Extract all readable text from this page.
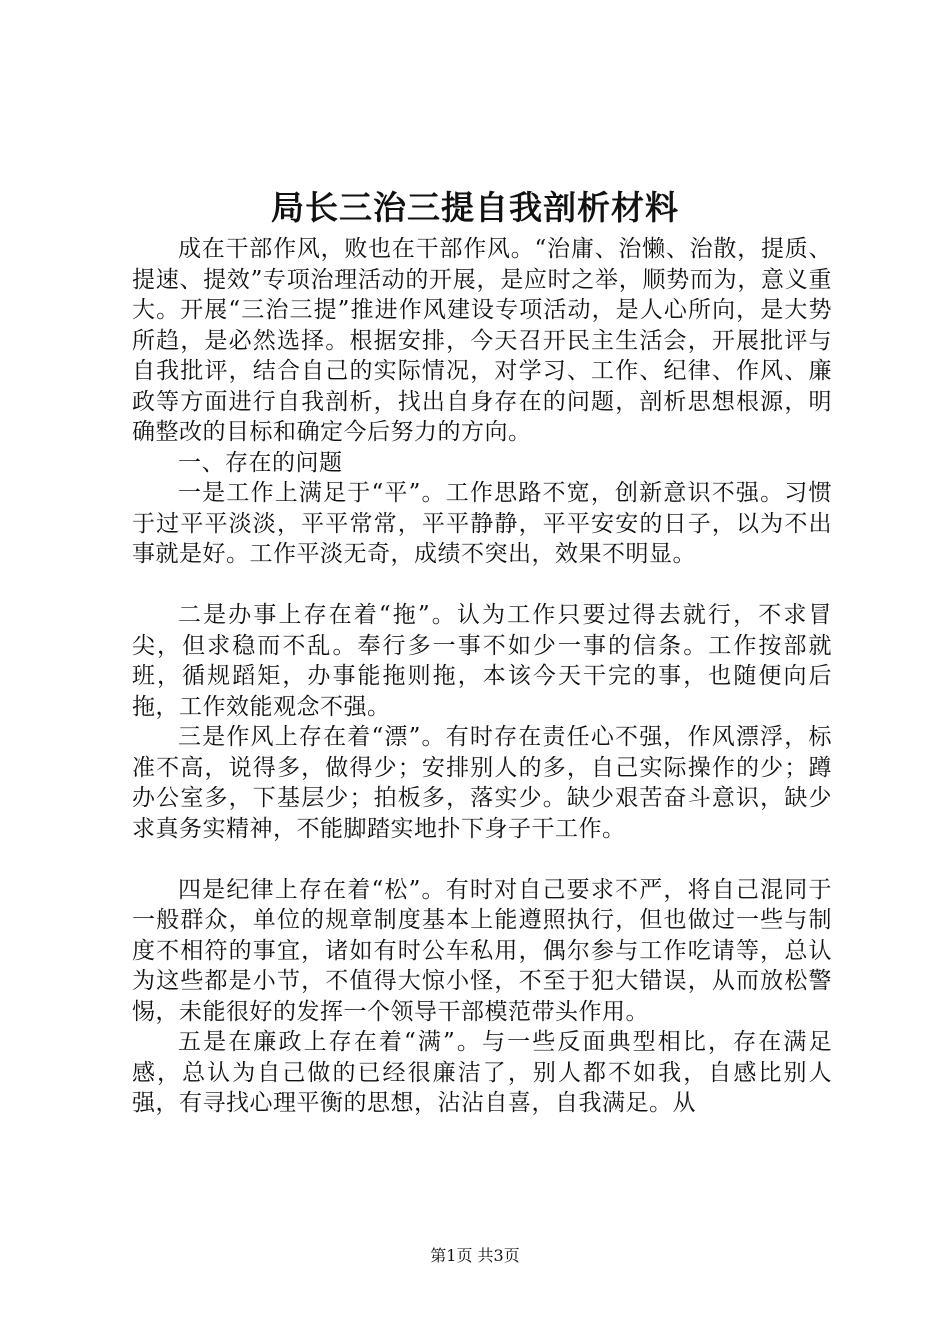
局长三治三提自我剖析材料

成在干部作风，败也在干部作风。“治庸、治懒、治散，提质、提速、提效”专项治理活动的开展，是应时之举，顺势而为，意义重大。开展“三治三提”推进作风建设专项活动，是人心所向，是大势所趋，是必然选择。根据安排，今天召开民主生活会，开展批评与自我批评，结合自己的实际情况，对学习、工作、纪律、作风、廉政等方面进行自我剖析，找出自身存在的问题，剖析思想根源，明确整改的目标和确定今后努力的方向。

一、存在的问题

一是工作上满足于“平”。工作思路不宽，创新意识不强。习惯于过平平淡淡，平平常常，平平静静，平平安安的日子，以为不出事就是好。工作平淡无奇，成绩不突出，效果不明显。

二是办事上存在着“拖”。认为工作只要过得去就行，不求冒尖，但求稳而不乱。奉行多一事不如少一事的信条。工作按部就班，循规蹈矩，办事能拖则拖，本该今天干完的事，也随便向后拖，工作效能观念不强。

三是作风上存在着“漂”。有时存在责任心不强，作风漂浮，标准不高，说得多，做得少；安排别人的多，自己实际操作的少；蹲办公室多，下基层少；拍板多，落实少。缺少艰苦奋斗意识，缺少求真务实精神，不能脚踏实地扑下身子干工作。

四是纪律上存在着“松”。有时对自己要求不严，将自己混同于一般群众，单位的规章制度基本上能遵照执行，但也做过一些与制度不相符的事宜，诸如有时公车私用，偶尔参与工作吃请等，总认为这些都是小节，不值得大惊小怪，不至于犯大错误，从而放松警惕，未能很好的发挥一个领导干部模范带头作用。

五是在廉政上存在着“满”。与一些反面典型相比，存在满足感，总认为自己做的已经很廉洁了，别人都不如我，自感比别人强，有寻找心理平衡的思想，沾沾自喜，自我满足。从

第1页 共3页
